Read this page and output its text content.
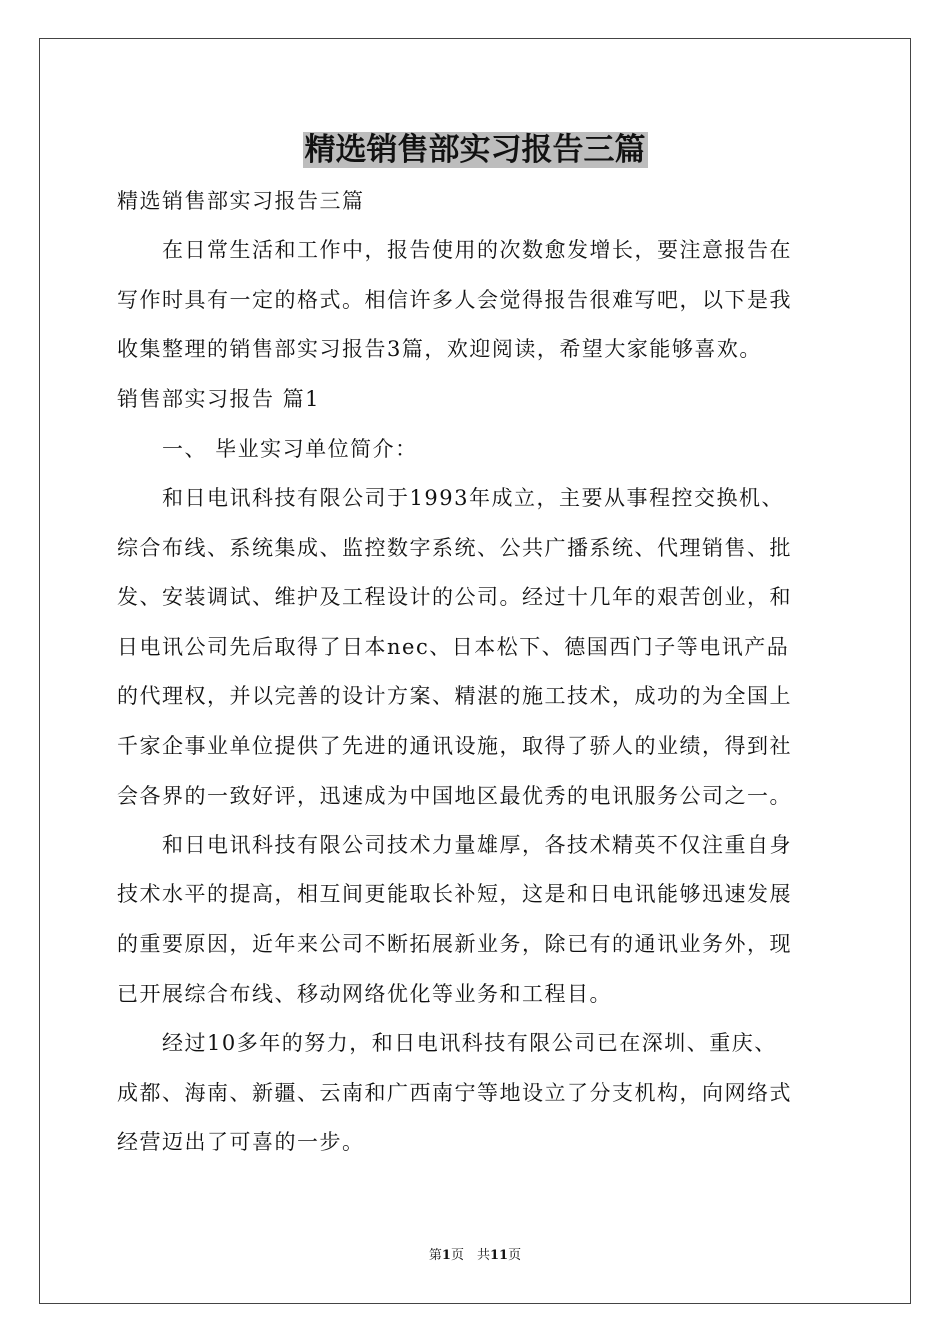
精选销售部实习报告三篇
精选销售部实习报告三篇
　　在日常生活和工作中，报告使用的次数愈发增长，要注意报告在
写作时具有一定的格式。相信许多人会觉得报告很难写吧，以下是我
收集整理的销售部实习报告3篇，欢迎阅读，希望大家能够喜欢。
销售部实习报告 篇1
　　一、 毕业实习单位简介：
　　和日电讯科技有限公司于1993年成立，主要从事程控交换机、
综合布线、系统集成、监控数字系统、公共广播系统、代理销售、批
发、安装调试、维护及工程设计的公司。经过十几年的艰苦创业，和
日电讯公司先后取得了日本nec、日本松下、德国西门子等电讯产品
的代理权，并以完善的设计方案、精湛的施工技术，成功的为全国上
千家企事业单位提供了先进的通讯设施，取得了骄人的业绩，得到社
会各界的一致好评，迅速成为中国地区最优秀的电讯服务公司之一。
　　和日电讯科技有限公司技术力量雄厚，各技术精英不仅注重自身
技术水平的提高，相互间更能取长补短，这是和日电讯能够迅速发展
的重要原因，近年来公司不断拓展新业务，除已有的通讯业务外，现
已开展综合布线、移动网络优化等业务和工程目。
　　经过10多年的努力，和日电讯科技有限公司已在深圳、重庆、
成都、海南、新疆、云南和广西南宁等地设立了分支机构，向网络式
经营迈出了可喜的一步。
第1页　共11页
